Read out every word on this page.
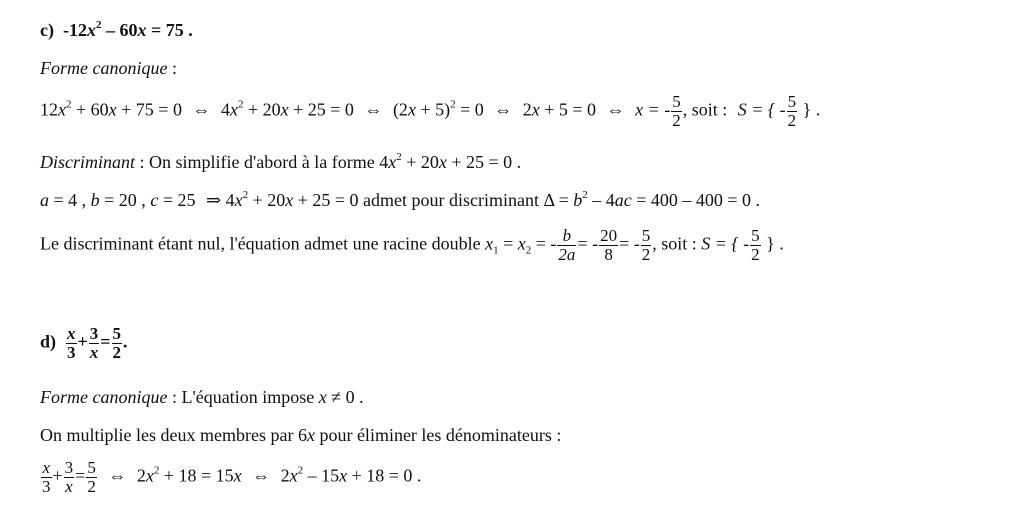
c) $-12x^2 - 60x = 75$ .
Forme canonique :
$12x^2 + 60x + 75 = 0$ ⇔ $4x^2 + 20x + 25 = 0$ ⇔ $(2x + 5)^2 = 0$ ⇔ 2x + 5 = 0 ⇔ x = - $\frac{5}{2}$ , soit : S = { - $\frac{5}{2}$ } .
Discriminant : On simplifie d'abord à la forme $4x^2 + 20x + 25 = 0$ .
a = 4 , b = 20 , c = 25 ⇒ $4x^2 + 20x + 25 = 0$ admet pour discriminant $\Delta = b^2 - 4ac = 400 - 400 = 0$ .
Le discriminant étant nul, l'équation admet une racine double $x_1 = x_2$ = - $\frac{b}{2a}$ = - $\frac{20}{8}$ = - $\frac{5}{2}$ , soit : S = { - $\frac{5}{2}$ } .
$d) \frac{x}{3} + \frac{3}{x} = \frac{5}{2}$ .
Forme canonique : L'équation impose x ≠ 0 .
On multiplie les deux membres par 6x pour éliminer les dénominateurs :
$\frac{x}{3} + \frac{3}{x} = \frac{5}{2}$ ⇔ $2x^2 + 18 = 15x$ ⇔ $2x^2 - 15x + 18 = 0$ .
